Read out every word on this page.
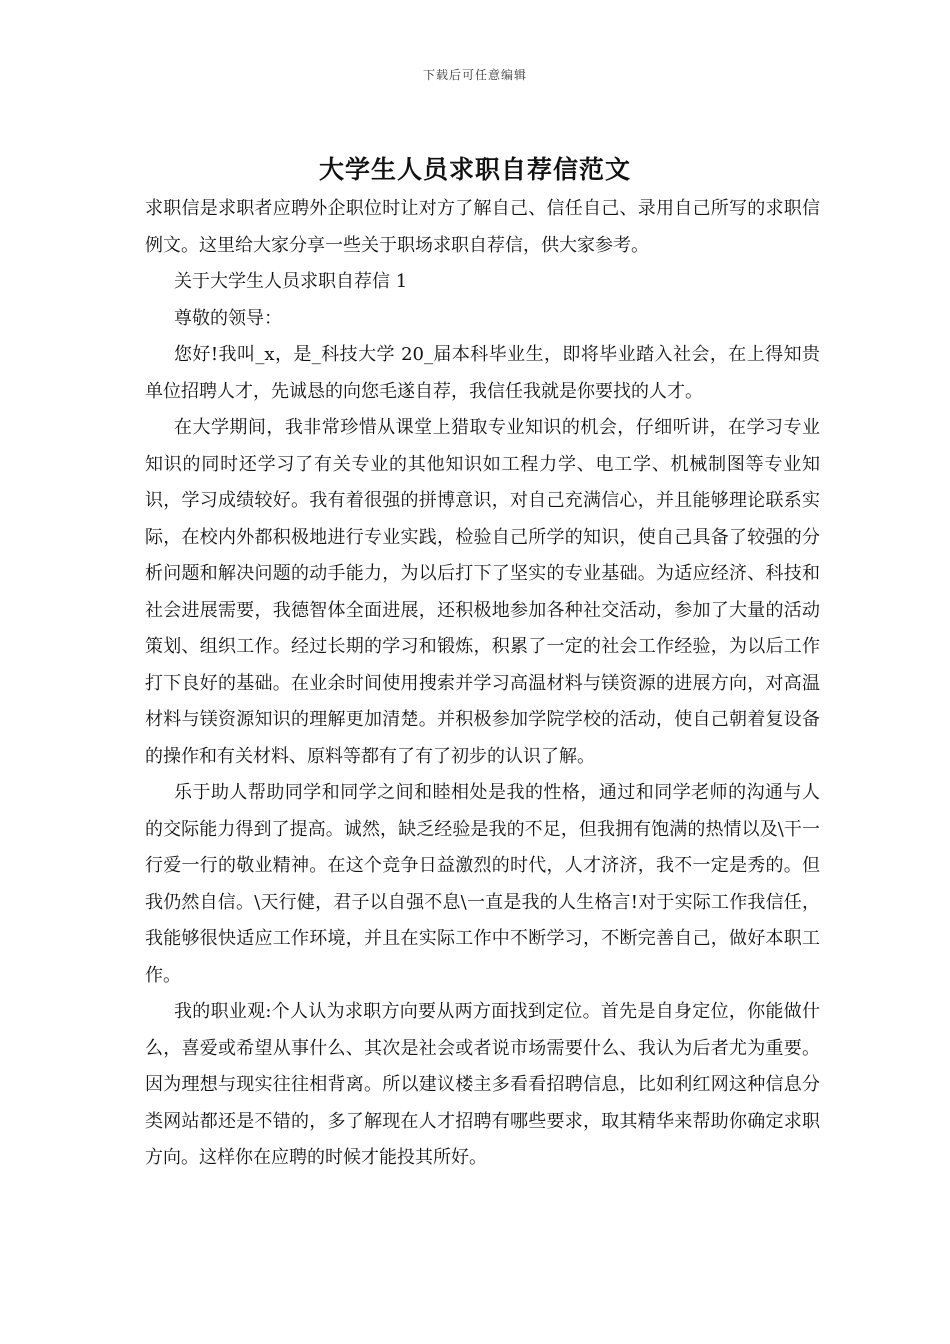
下载后可任意编辑
大学生人员求职自荐信范文

求职信是求职者应聘外企职位时让对方了解自己、信任自己、录用自己所写的求职信例文。这里给大家分享一些关于职场求职自荐信，供大家参考。

关于大学生人员求职自荐信 1

尊敬的领导：

您好!我叫_x，是_科技大学 20_届本科毕业生，即将毕业踏入社会，在上得知贵单位招聘人才，先诚恳的向您毛遂自荐，我信任我就是你要找的人才。

在大学期间，我非常珍惜从课堂上猎取专业知识的机会，仔细听讲，在学习专业知识的同时还学习了有关专业的其他知识如工程力学、电工学、机械制图等专业知识，学习成绩较好。我有着很强的拼博意识，对自己充满信心，并且能够理论联系实际，在校内外都积极地进行专业实践，检验自己所学的知识，使自己具备了较强的分析问题和解决问题的动手能力，为以后打下了坚实的专业基础。为适应经济、科技和社会进展需要，我德智体全面进展，还积极地参加各种社交活动，参加了大量的活动策划、组织工作。经过长期的学习和锻炼，积累了一定的社会工作经验，为以后工作打下良好的基础。在业余时间使用搜索并学习高温材料与镁资源的进展方向，对高温材料与镁资源知识的理解更加清楚。并积极参加学院学校的活动，使自己朝着复设备的操作和有关材料、原料等都有了有了初步的认识了解。

乐于助人帮助同学和同学之间和睦相处是我的性格，通过和同学老师的沟通与人的交际能力得到了提高。诚然，缺乏经验是我的不足，但我拥有饱满的热情以及\干一行爱一行的敬业精神。在这个竞争日益激烈的时代，人才济济，我不一定是秀的。但我仍然自信。\天行健，君子以自强不息\一直是我的人生格言!对于实际工作我信任，我能够很快适应工作环境，并且在实际工作中不断学习，不断完善自己，做好本职工作。

我的职业观:个人认为求职方向要从两方面找到定位。首先是自身定位，你能做什么，喜爱或希望从事什么、其次是社会或者说市场需要什么、我认为后者尤为重要。因为理想与现实往往相背离。所以建议楼主多看看招聘信息，比如利红网这种信息分类网站都还是不错的，多了解现在人才招聘有哪些要求，取其精华来帮助你确定求职方向。这样你在应聘的时候才能投其所好。
